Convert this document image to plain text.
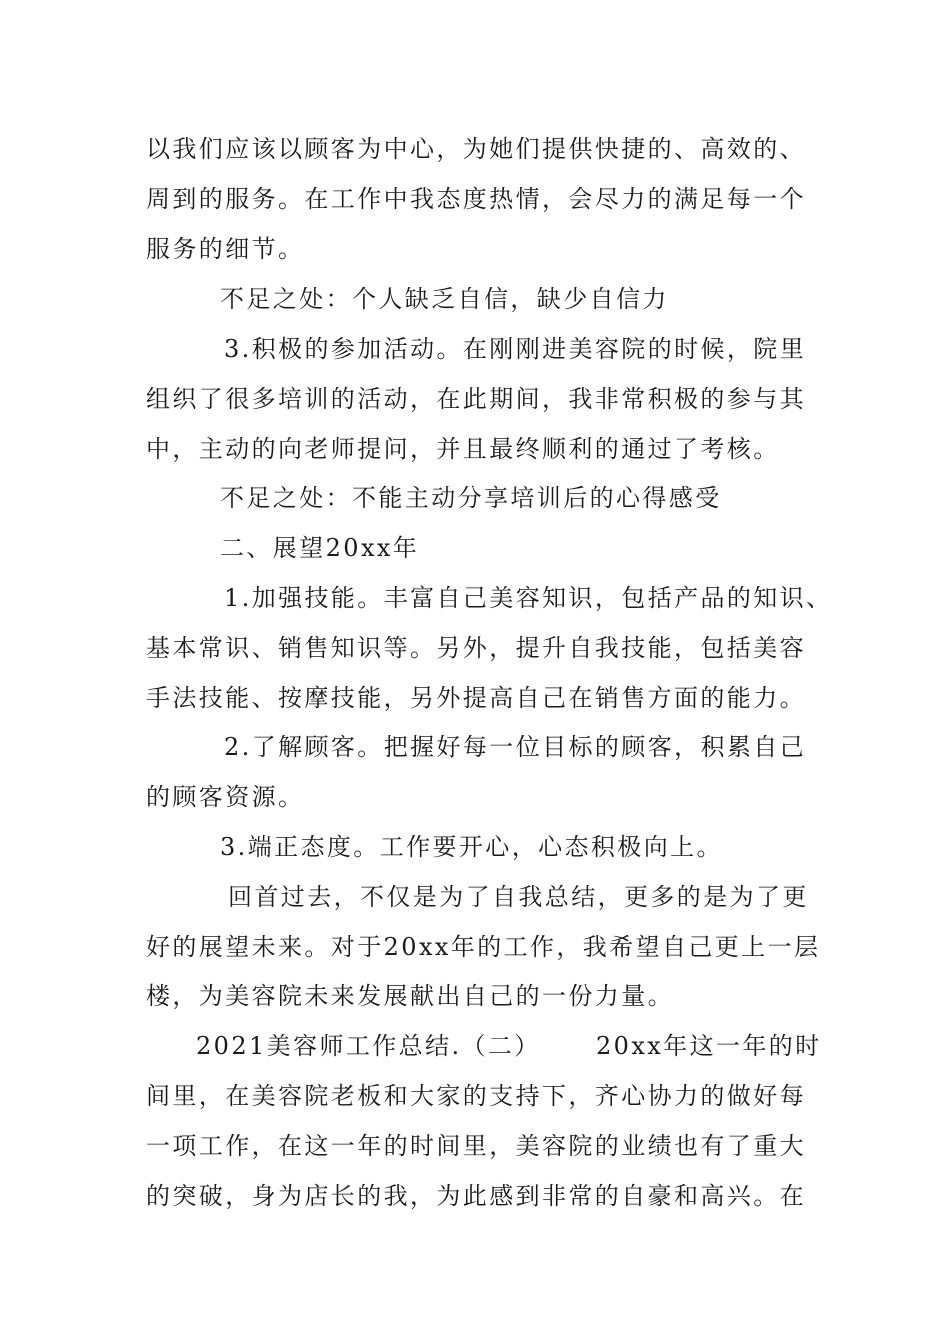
以我们应该以顾客为中心，为她们提供快捷的、高效的、
周到的服务。在工作中我态度热情，会尽力的满足每一个
服务的细节。
不足之处：个人缺乏自信，缺少自信力
3.积极的参加活动。在刚刚进美容院的时候，院里
组织了很多培训的活动，在此期间，我非常积极的参与其
中，主动的向老师提问，并且最终顺利的通过了考核。
不足之处：不能主动分享培训后的心得感受
二、展望20xx年
1.加强技能。丰富自己美容知识，包括产品的知识、
基本常识、销售知识等。另外，提升自我技能，包括美容
手法技能、按摩技能，另外提高自己在销售方面的能力。
2.了解顾客。把握好每一位目标的顾客，积累自己
的顾客资源。
3.端正态度。工作要开心，心态积极向上。
回首过去，不仅是为了自我总结，更多的是为了更
好的展望未来。对于20xx年的工作，我希望自己更上一层
楼，为美容院未来发展献出自己的一份力量。
2021美容师工作总结.（二） 20xx年这一年的时
间里，在美容院老板和大家的支持下，齐心协力的做好每
一项工作，在这一年的时间里，美容院的业绩也有了重大
的突破，身为店长的我，为此感到非常的自豪和高兴。在
